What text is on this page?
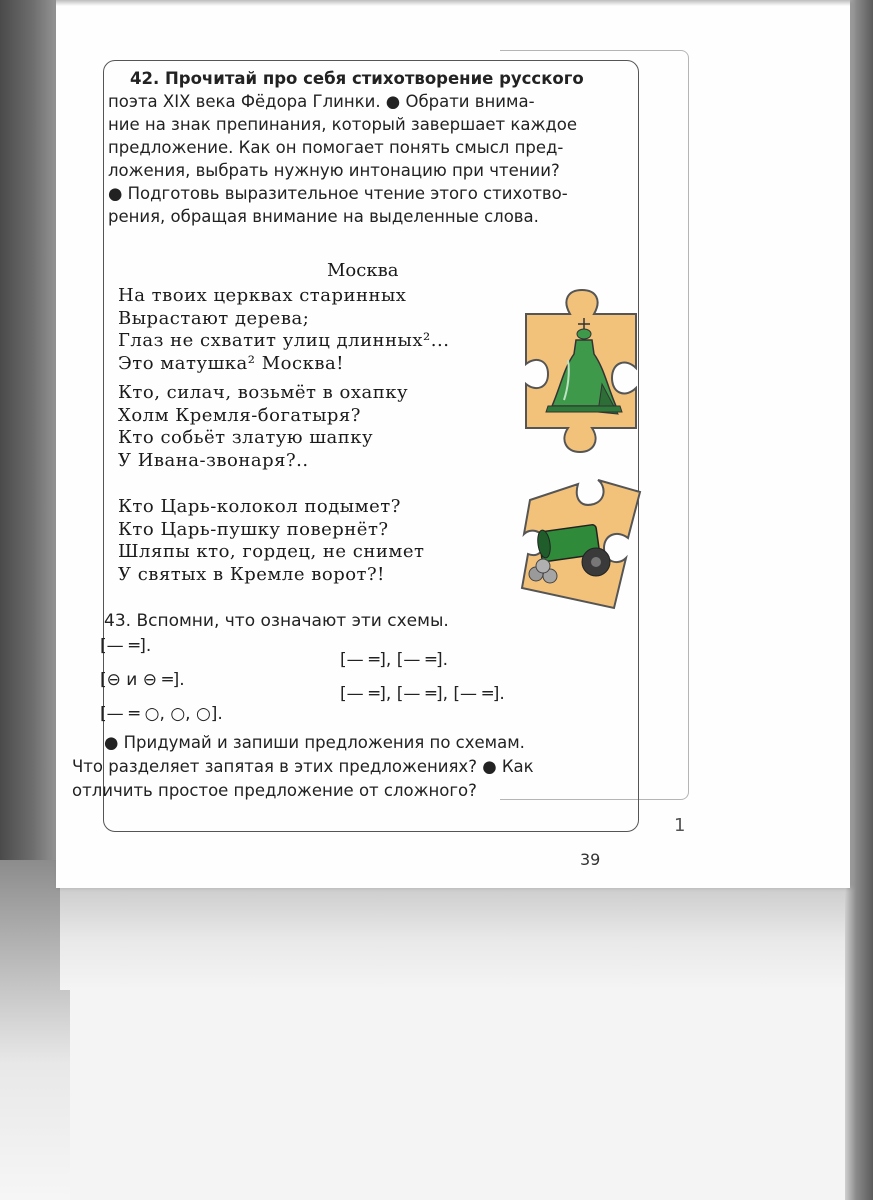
1
42. Прочитай про себя стихотворение русского
поэта XIX века Фёдора Глинки. ● Обрати внима-
ние на знак препинания, который завершает каждое
предложение. Как он помогает понять смысл пред-
ложения, выбрать нужную интонацию при чтении?
● Подготовь выразительное чтение этого стихотво-
рения, обращая внимание на выделенные слова.
Москва
На твоих церквах старинных
Вырастают дерева;
Глаз не схватит улиц длинных²...
Это матушка² Москва!
Кто, силач, возьмёт в охапку
Холм Кремля-богатыря?
Кто собьёт златую шапку
У Ивана-звонаря?..
Кто Царь-колокол подымет?
Кто Царь-пушку повернёт?
Шляпы кто, гордец, не снимет
У святых в Кремле ворот?!
43. Вспомни, что означают эти схемы.
[— ═].
[⊖ и ⊖ ═].
[— ═ ○, ○, ○].
[— ═], [— ═].
[— ═], [— ═], [— ═].
● Придумай и запиши предложения по схемам.
Что разделяет запятая в этих предложениях? ● Как
отличить простое предложение от сложного?
39
